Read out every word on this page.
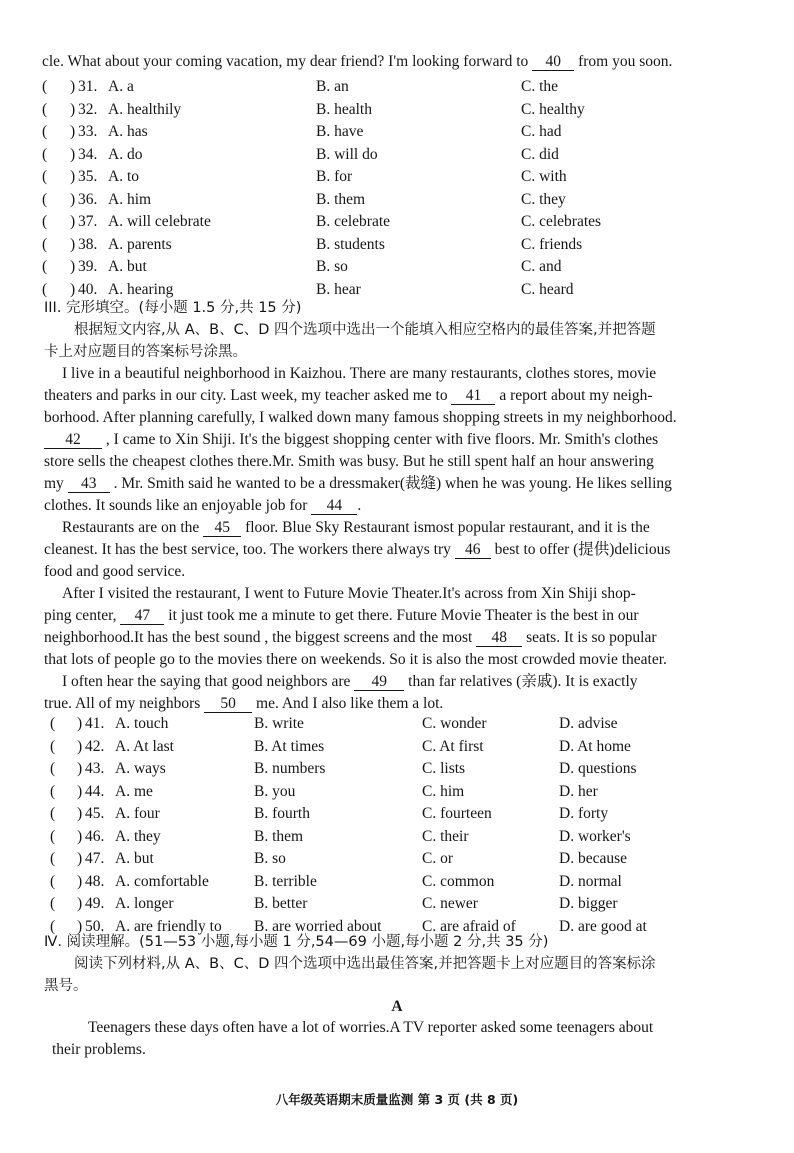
cle. What about your coming vacation, my dear friend? I'm looking forward to 40 from you soon.
( ) 31. A. a	B. an	C. the
( ) 32. A. healthily	B. health	C. healthy
( ) 33. A. has	B. have	C. had
( ) 34. A. do	B. will do	C. did
( ) 35. A. to	B. for	C. with
( ) 36. A. him	B. them	C. they
( ) 37. A. will celebrate	B. celebrate	C. celebrates
( ) 38. A. parents	B. students	C. friends
( ) 39. A. but	B. so	C. and
( ) 40. A. hearing	B. hear	C. heard
III. 完形填空。(每小题 1.5 分,共 15 分)
根据短文内容,从 A、B、C、D 四个选项中选出一个能填入相应空格内的最佳答案,并把答题
卡上对应题目的答案标号涂黑。
I live in a beautiful neighborhood in Kaizhou. There are many restaurants, clothes stores, movie
theaters and parks in our city. Last week, my teacher asked me to 41 a report about my neigh-
borhood. After planning carefully, I walked down many famous shopping streets in my neighborhood.
42 , I came to Xin Shiji. It's the biggest shopping center with five floors. Mr. Smith's clothes
store sells the cheapest clothes there.Mr. Smith was busy. But he still spent half an hour answering
my 43 . Mr. Smith said he wanted to be a dressmaker(裁缝) when he was young. He likes selling
clothes. It sounds like an enjoyable job for 44 .
Restaurants are on the 45 floor. Blue Sky Restaurant ismost popular restaurant, and it is the
cleanest. It has the best service, too. The workers there always try 46 best to offer (提供)delicious
food and good service.
After I visited the restaurant, I went to Future Movie Theater.It's across from Xin Shiji shop-
ping center, 47 it just took me a minute to get there. Future Movie Theater is the best in our
neighborhood.It has the best sound , the biggest screens and the most 48 seats. It is so popular
that lots of people go to the movies there on weekends. So it is also the most crowded movie theater.
I often hear the saying that good neighbors are 49 than far relatives (亲戚). It is exactly
true. All of my neighbors 50 me. And I also like them a lot.
( ) 41. A. touch	B. write	C. wonder	D. advise
( ) 42. A. At last	B. At times	C. At first	D. At home
( ) 43. A. ways	B. numbers	C. lists	D. questions
( ) 44. A. me	B. you	C. him	D. her
( ) 45. A. four	B. fourth	C. fourteen	D. forty
( ) 46. A. they	B. them	C. their	D. worker's
( ) 47. A. but	B. so	C. or	D. because
( ) 48. A. comfortable	B. terrible	C. common	D. normal
( ) 49. A. longer	B. better	C. newer	D. bigger
( ) 50. A. are friendly to B. are worried about	C. are afraid of	D. are good at
Ⅳ. 阅读理解。(51—53 小题,每小题 1 分,54—69 小题,每小题 2 分,共 35 分)
阅读下列材料,从 A、B、C、D 四个选项中选出最佳答案,并把答题卡上对应题目的答案标涂
黑号。
A
Teenagers these days often have a lot of worries.A TV reporter asked some teenagers about
their problems.
八年级英语期末质量监测 第 3 页 (共 8 页)
